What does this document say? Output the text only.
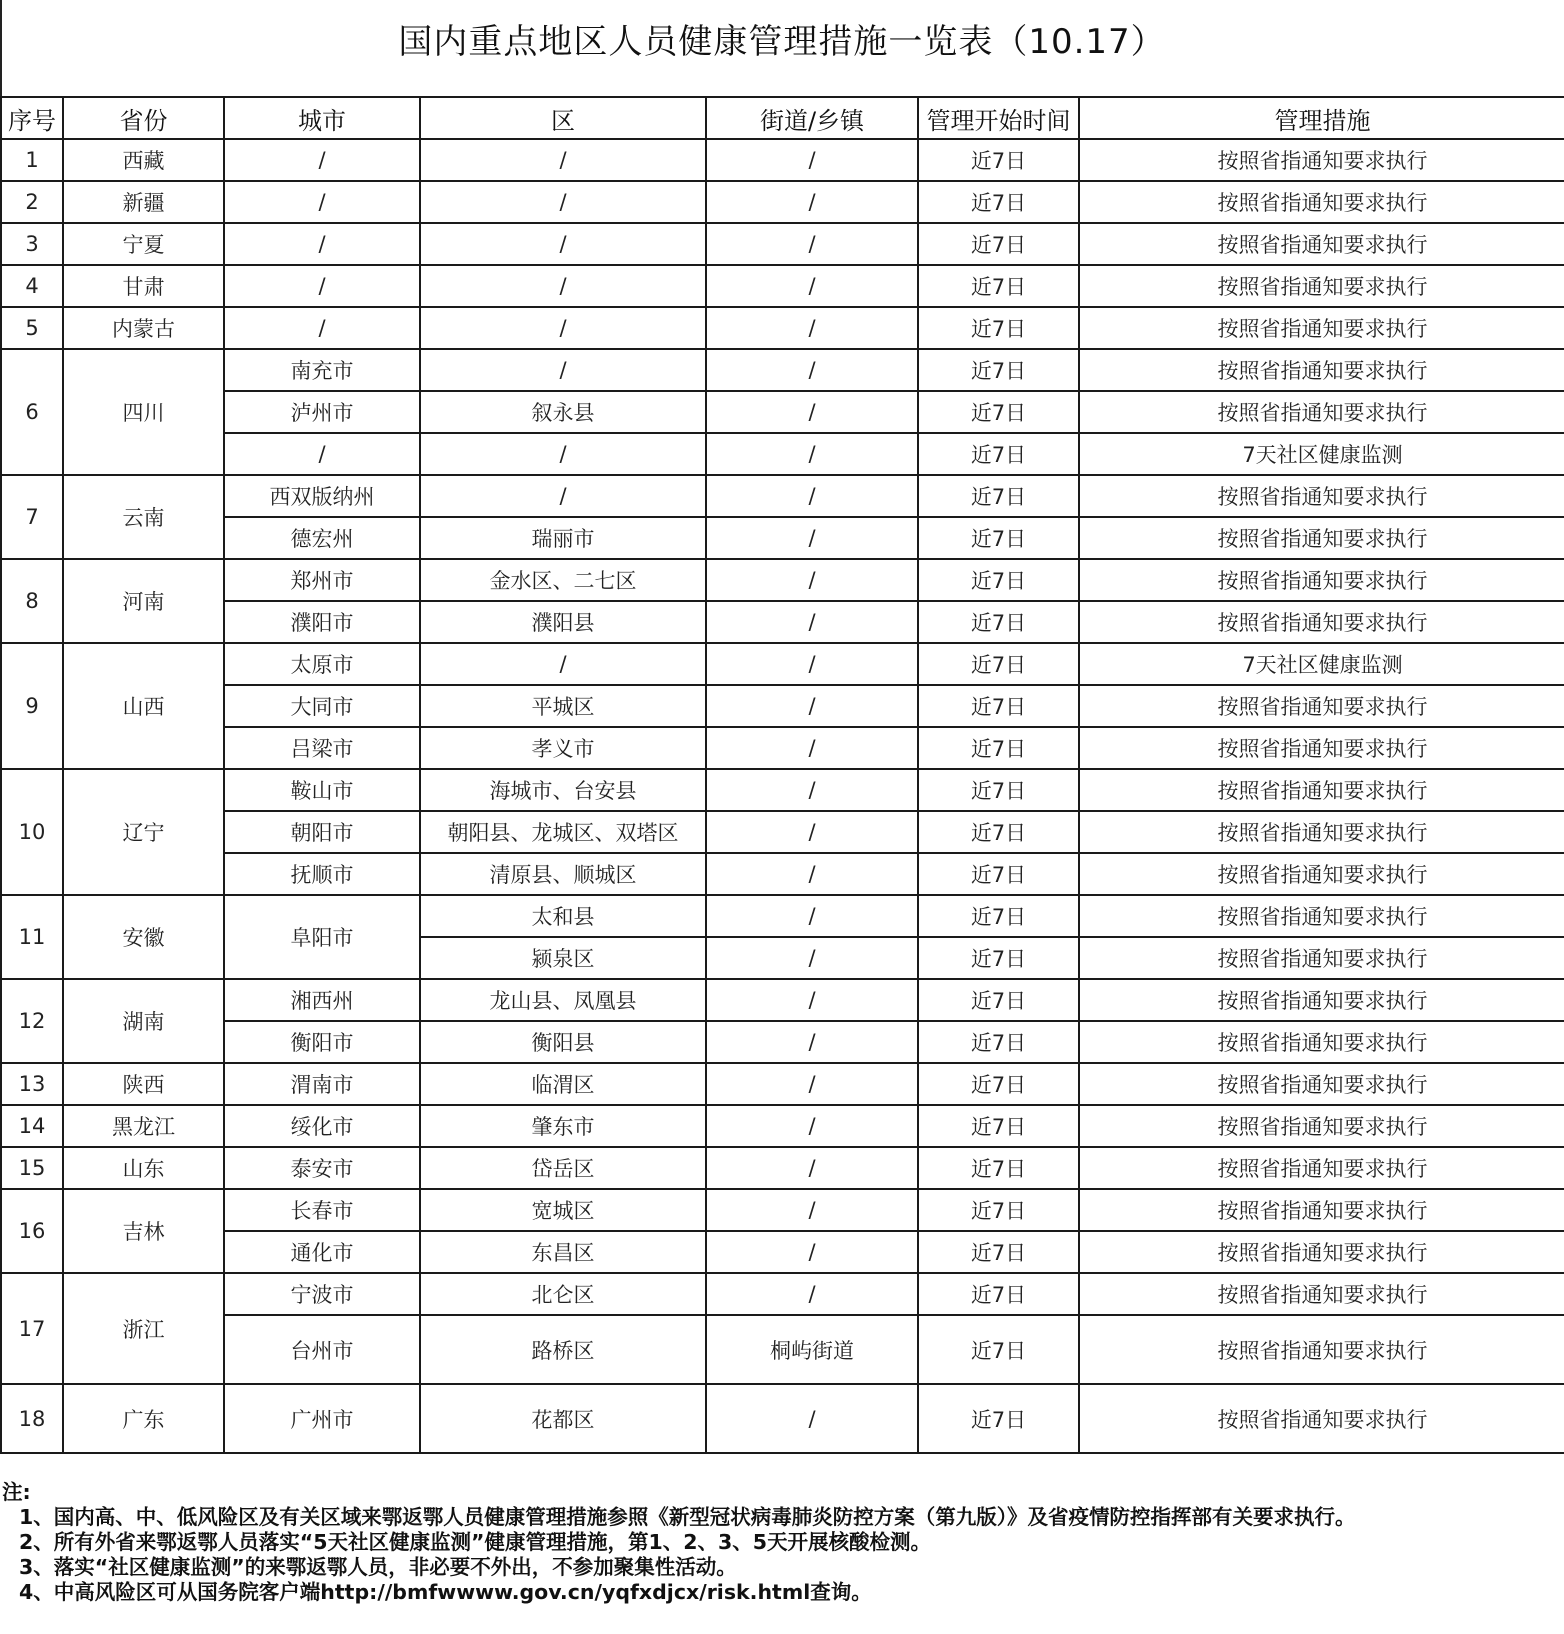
国内重点地区人员健康管理措施一览表（10.17）
序号	省份	城市	区	街道/乡镇	管理开始时间	管理措施
1	西藏	/	/	/	近7日	按照省指通知要求执行
2	新疆	/	/	/	近7日	按照省指通知要求执行
3	宁夏	/	/	/	近7日	按照省指通知要求执行
4	甘肃	/	/	/	近7日	按照省指通知要求执行
5	内蒙古	/	/	/	近7日	按照省指通知要求执行
6	四川	南充市	/	/	近7日	按照省指通知要求执行
		泸州市	叙永县	/	近7日	按照省指通知要求执行
		/	/	/	近7日	7天社区健康监测
7	云南	西双版纳州	/	/	近7日	按照省指通知要求执行
		德宏州	瑞丽市	/	近7日	按照省指通知要求执行
8	河南	郑州市	金水区、二七区	/	近7日	按照省指通知要求执行
		濮阳市	濮阳县	/	近7日	按照省指通知要求执行
9	山西	太原市	/	/	近7日	7天社区健康监测
		大同市	平城区	/	近7日	按照省指通知要求执行
		吕梁市	孝义市	/	近7日	按照省指通知要求执行
10	辽宁	鞍山市	海城市、台安县	/	近7日	按照省指通知要求执行
		朝阳市	朝阳县、龙城区、双塔区	/	近7日	按照省指通知要求执行
		抚顺市	清原县、顺城区	/	近7日	按照省指通知要求执行
11	安徽	阜阳市	太和县	/	近7日	按照省指通知要求执行
			颍泉区	/	近7日	按照省指通知要求执行
12	湖南	湘西州	龙山县、凤凰县	/	近7日	按照省指通知要求执行
		衡阳市	衡阳县	/	近7日	按照省指通知要求执行
13	陕西	渭南市	临渭区	/	近7日	按照省指通知要求执行
14	黑龙江	绥化市	肇东市	/	近7日	按照省指通知要求执行
15	山东	泰安市	岱岳区	/	近7日	按照省指通知要求执行
16	吉林	长春市	宽城区	/	近7日	按照省指通知要求执行
		通化市	东昌区	/	近7日	按照省指通知要求执行
17	浙江	宁波市	北仑区	/	近7日	按照省指通知要求执行
		台州市	路桥区	桐屿街道	近7日	按照省指通知要求执行
18	广东	广州市	花都区	/	近7日	按照省指通知要求执行
注:
1、国内高、中、低风险区及有关区域来鄂返鄂人员健康管理措施参照《新型冠状病毒肺炎防控方案（第九版）》及省疫情防控指挥部有关要求执行。
2、所有外省来鄂返鄂人员落实“5天社区健康监测”健康管理措施，第1、2、3、5天开展核酸检测。
3、落实“社区健康监测”的来鄂返鄂人员，非必要不外出，不参加聚集性活动。
4、中高风险区可从国务院客户端http://bmfwwww.gov.cn/yqfxdjcx/risk.html查询。
